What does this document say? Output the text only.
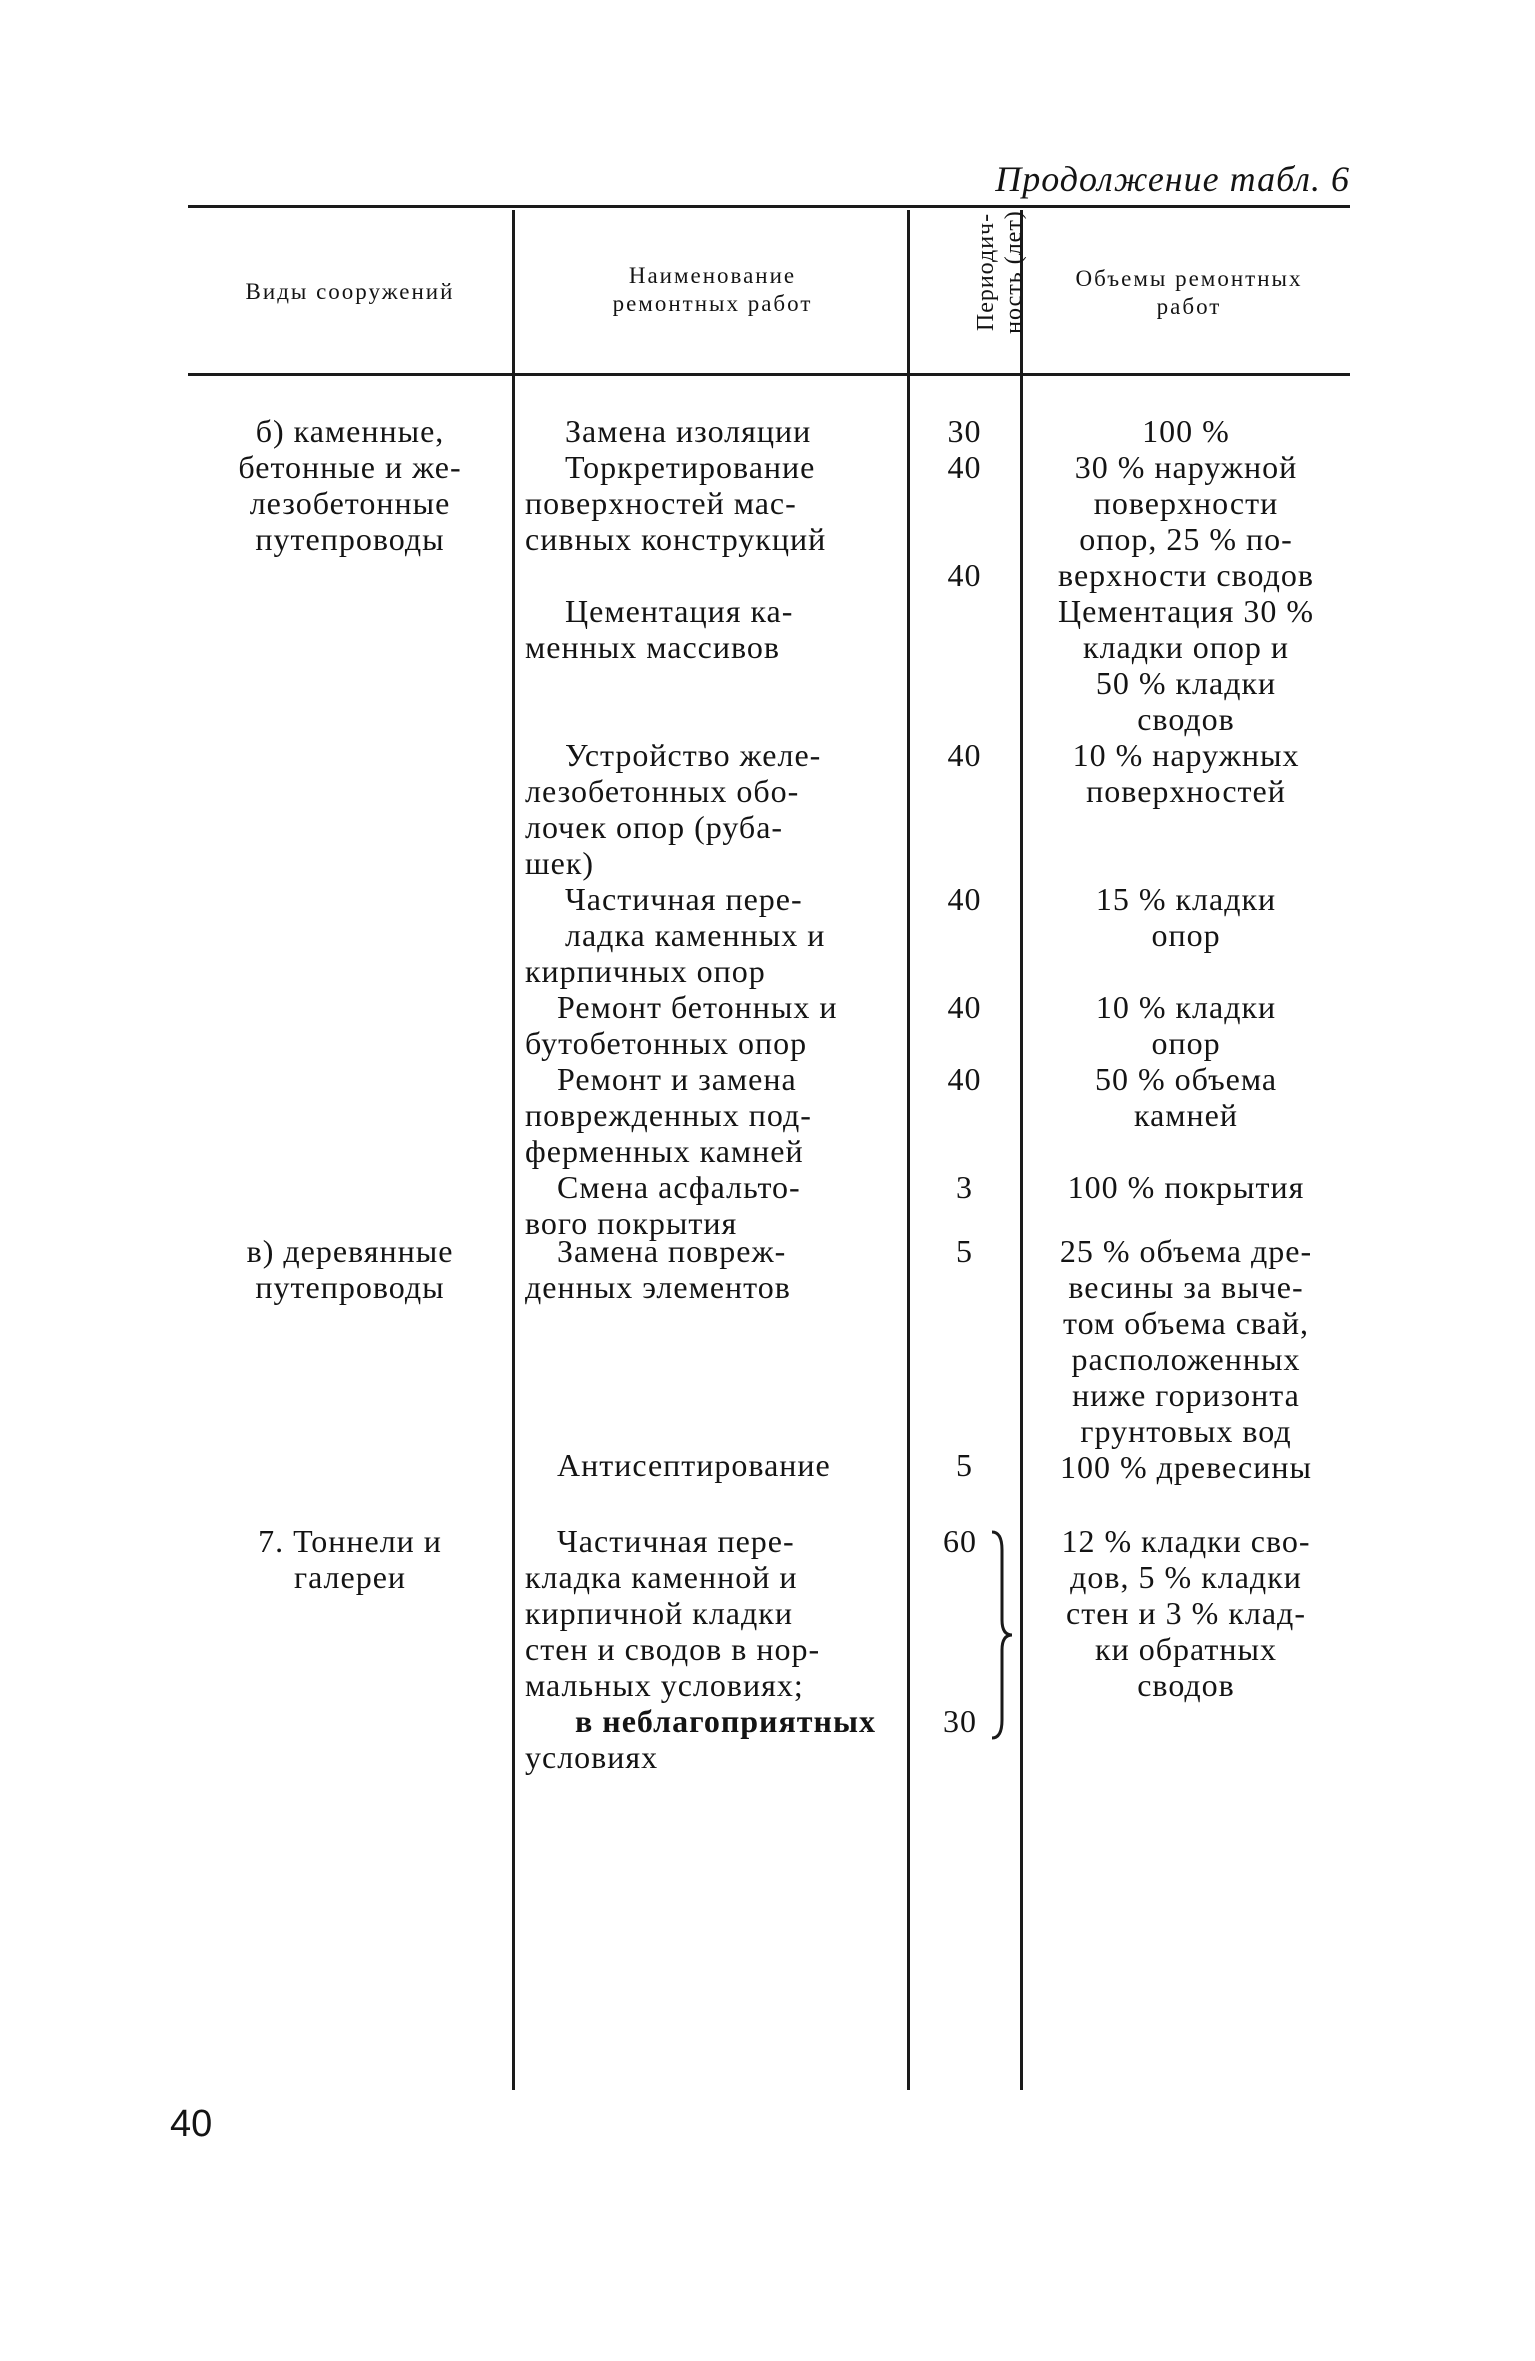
Продолжение табл. 6
Виды сооружений
Наименование
ремонтных работ	Периодич- ность (лет)	Объемы ремонтных
работ
б) каменные,
бетонные и же-
лезобетонные
путепроводы
в) деревянные
путепроводы
7. Тоннели и
галереи
Замена изоляции
Торкретирование
поверхностей мас-
сивных конструкций
Цементация ка-
менных массивов
Устройство желе-
лезобетонных обо-
лочек опор (руба-
шек)
Частичная пере-
ладка каменных и
кирпичных опор
Ремонт бетонных и
бутобетонных опор
Ремонт и замена
поврежденных под-
ферменных камней
Смена асфальто-
вого покрытия
Замена повреж-
денных элементов
Антисептирование
Частичная пере-
кладка каменной и
кирпичной кладки
стен и сводов в нор-
мальных условиях;
в неблагоприятных
условиях
30
40
40
40
40
40
40
3
5
5
60
30
100 %
30 % наружной
поверхности
опор, 25 % по-
верхности сводов
Цементация 30 %
кладки опор и
50 % кладки
сводов
10 % наружных
поверхностей
15 % кладки
опор
10 % кладки
опор
50 % объема
камней
100 % покрытия
25 % объема дре-
весины за выче-
том объема свай,
расположенных
ниже горизонта
грунтовых вод
100 % древесины
12 % кладки сво-
дов, 5 % кладки
стен и 3 % клад-
ки обратных
сводов
40
